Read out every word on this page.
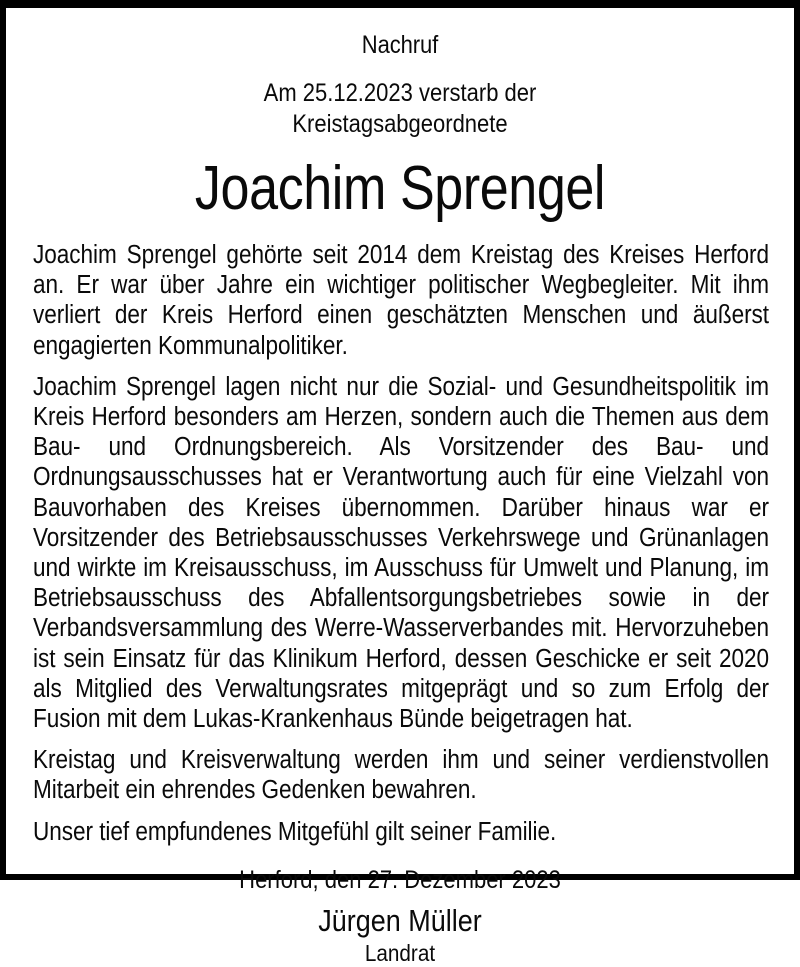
Nachruf
Am 25.12.2023 verstarb der
Kreistagsabgeordnete
Joachim Sprengel

Joachim Sprengel gehörte seit 2014 dem Kreistag des Kreises Herford an. Er war über Jahre ein wichtiger politischer Wegbegleiter. Mit ihm verliert der Kreis Herford einen geschätzten Menschen und äußerst engagierten Kommunalpolitiker.

Joachim Sprengel lagen nicht nur die Sozial- und Gesundheitspolitik im Kreis Herford besonders am Herzen, sondern auch die Themen aus dem Bau- und Ordnungsbereich. Als Vorsitzender des Bau- und Ordnungsausschusses hat er Verantwortung auch für eine Vielzahl von Bauvorhaben des Kreises übernommen. Darüber hinaus war er Vorsitzender des Betriebsausschusses Verkehrswege und Grünanlagen und wirkte im Kreisausschuss, im Ausschuss für Umwelt und Planung, im Betriebsausschuss des Abfallentsorgungsbetriebes sowie in der Verbandsversammlung des Werre-Wasserverbandes mit. Hervorzuheben ist sein Einsatz für das Klinikum Herford, dessen Geschicke er seit 2020 als Mitglied des Verwaltungsrates mitgeprägt und so zum Erfolg der Fusion mit dem Lukas-Krankenhaus Bünde beigetragen hat.

Kreistag und Kreisverwaltung werden ihm und seiner verdienstvollen Mitarbeit ein ehrendes Gedenken bewahren.

Unser tief empfundenes Mitgefühl gilt seiner Familie.

Herford, den 27. Dezember 2023
Jürgen Müller
Landrat
